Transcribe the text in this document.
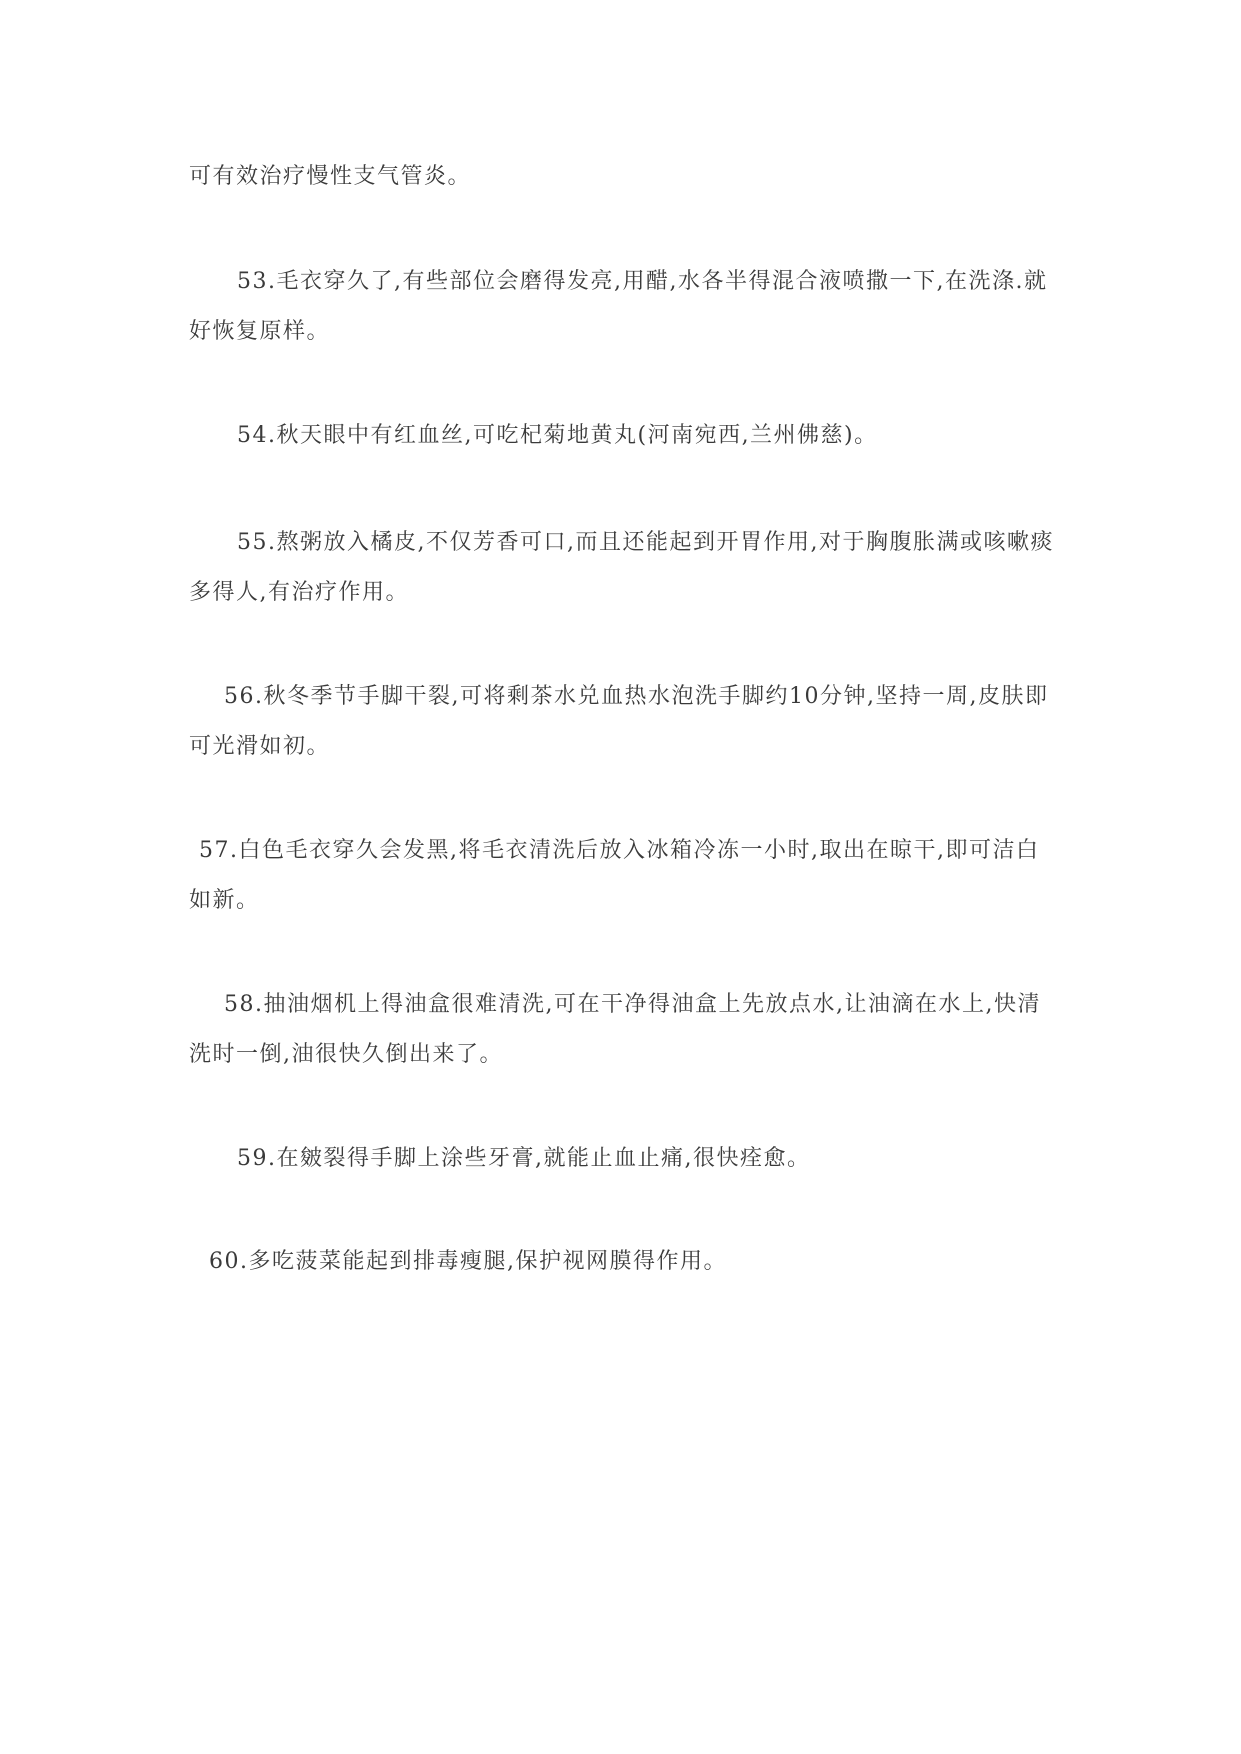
可有效治疗慢性支气管炎。

53.毛衣穿久了,有些部位会磨得发亮,用醋,水各半得混合液喷撒一下,在洗涤.就好恢复原样。

54.秋天眼中有红血丝,可吃杞菊地黄丸(河南宛西,兰州佛慈)。

55.熬粥放入橘皮,不仅芳香可口,而且还能起到开胃作用,对于胸腹胀满或咳嗽痰多得人,有治疗作用。

56.秋冬季节手脚干裂,可将剩茶水兑血热水泡洗手脚约10分钟,坚持一周,皮肤即可光滑如初。

57.白色毛衣穿久会发黑,将毛衣清洗后放入冰箱冷冻一小时,取出在晾干,即可洁白如新。

58.抽油烟机上得油盒很难清洗,可在干净得油盒上先放点水,让油滴在水上,快清洗时一倒,油很快久倒出来了。

59.在皴裂得手脚上涂些牙膏,就能止血止痛,很快痊愈。

60.多吃菠菜能起到排毒瘦腿,保护视网膜得作用。
